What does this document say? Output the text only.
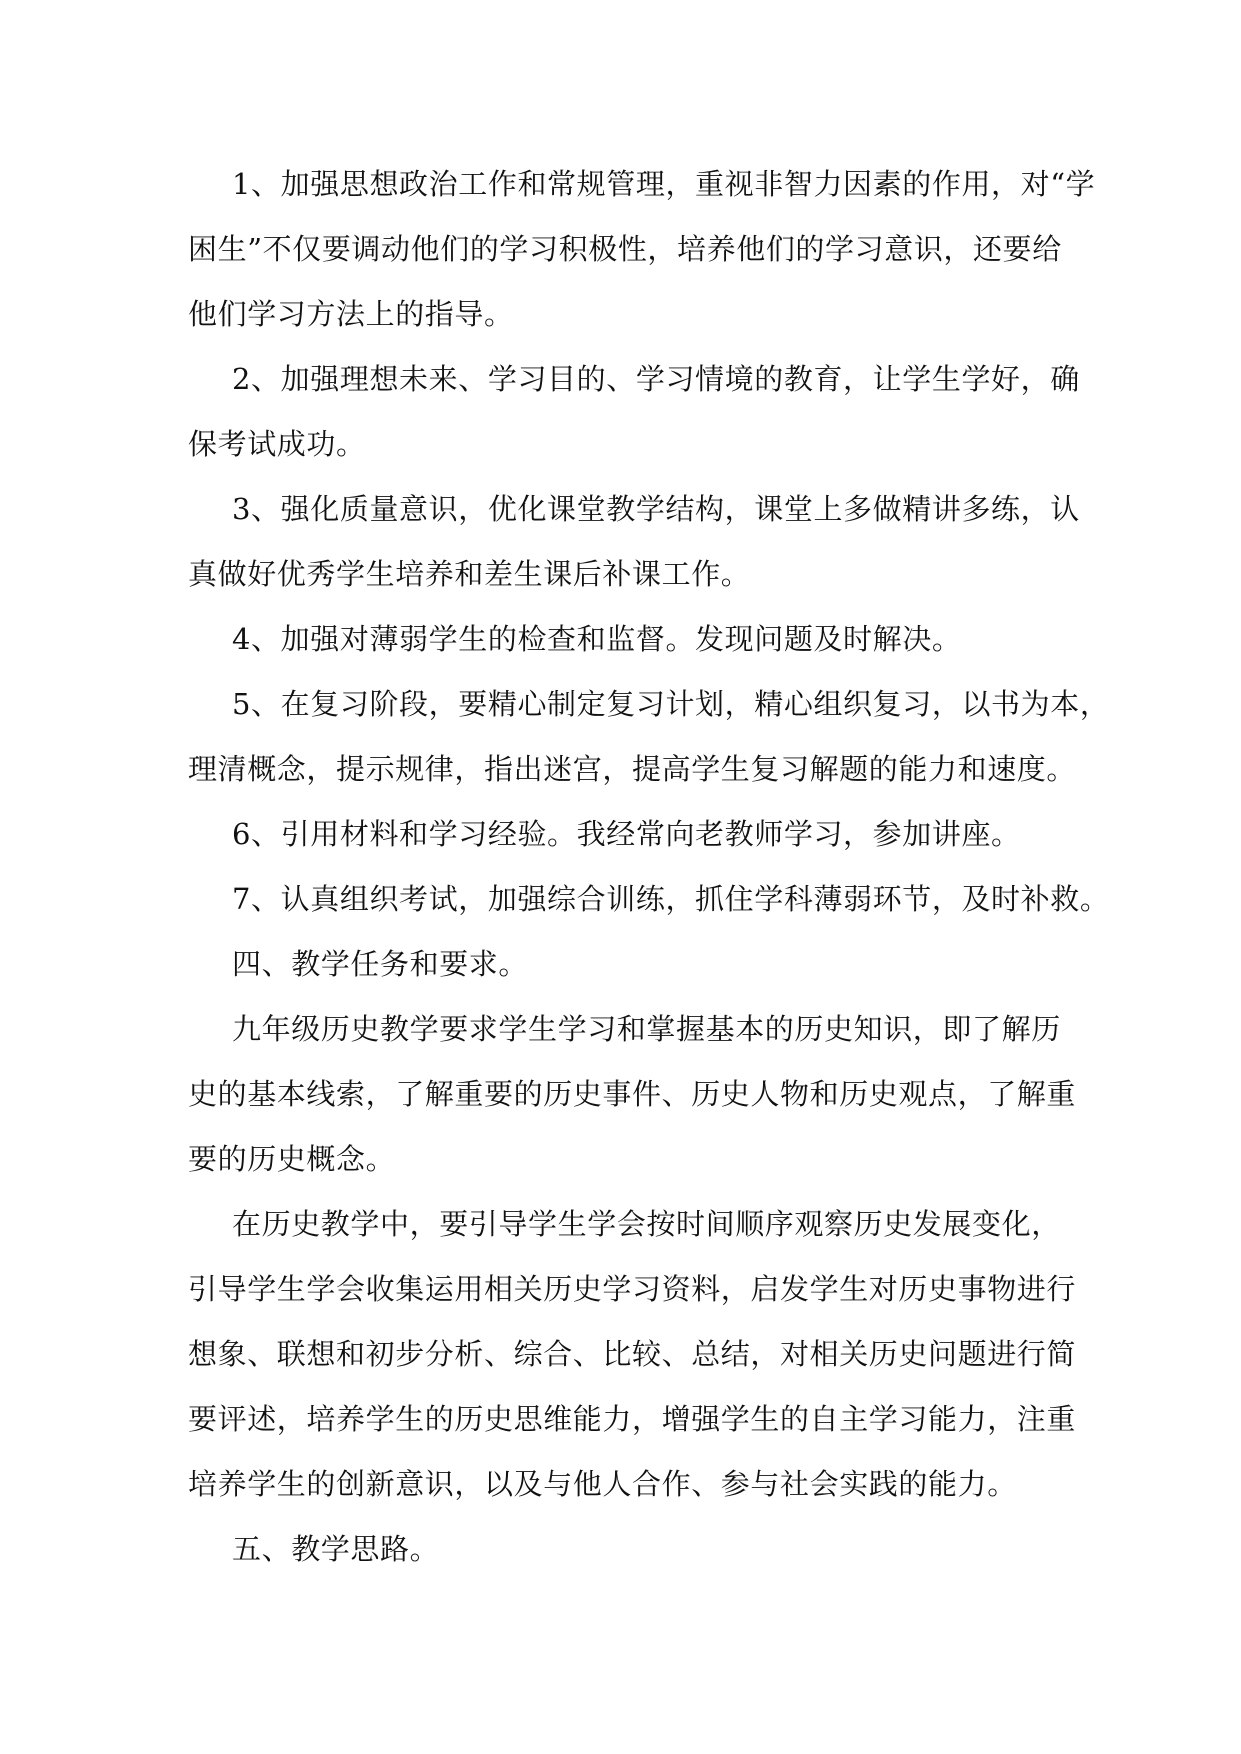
1、加强思想政治工作和常规管理，重视非智力因素的作用，对“学
困生”不仅要调动他们的学习积极性，培养他们的学习意识，还要给
他们学习方法上的指导。
2、加强理想未来、学习目的、学习情境的教育，让学生学好，确
保考试成功。
3、强化质量意识，优化课堂教学结构，课堂上多做精讲多练，认
真做好优秀学生培养和差生课后补课工作。
4、加强对薄弱学生的检查和监督。发现问题及时解决。
5、在复习阶段，要精心制定复习计划，精心组织复习，以书为本，
理清概念，提示规律，指出迷宫，提高学生复习解题的能力和速度。
6、引用材料和学习经验。我经常向老教师学习，参加讲座。
7、认真组织考试，加强综合训练，抓住学科薄弱环节，及时补救。
四、教学任务和要求。
九年级历史教学要求学生学习和掌握基本的历史知识，即了解历
史的基本线索，了解重要的历史事件、历史人物和历史观点，了解重
要的历史概念。
在历史教学中，要引导学生学会按时间顺序观察历史发展变化，
引导学生学会收集运用相关历史学习资料，启发学生对历史事物进行
想象、联想和初步分析、综合、比较、总结，对相关历史问题进行简
要评述，培养学生的历史思维能力，增强学生的自主学习能力，注重
培养学生的创新意识，以及与他人合作、参与社会实践的能力。
五、教学思路。
